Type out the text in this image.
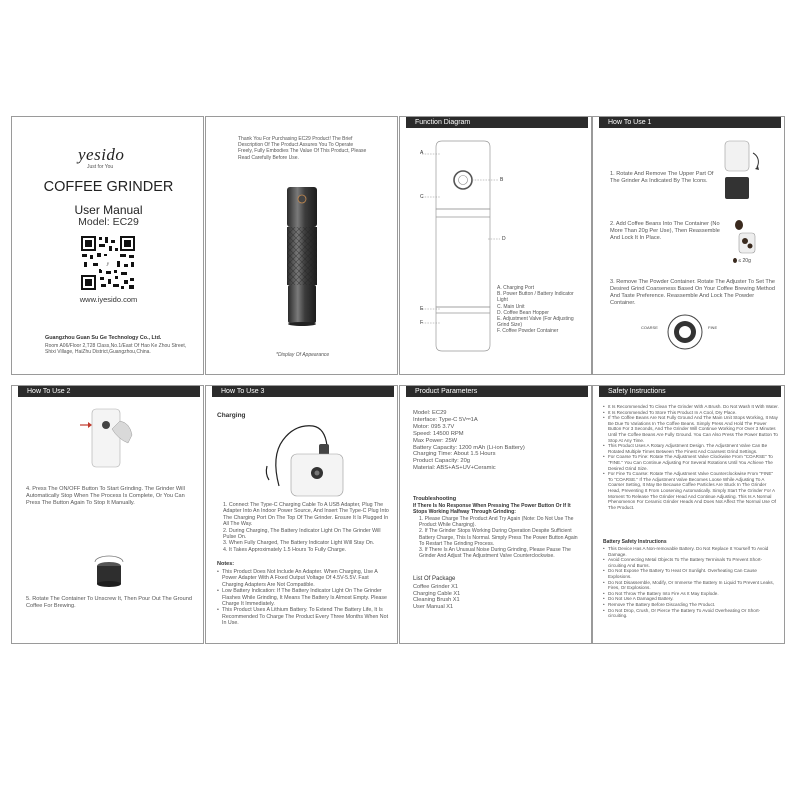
yesido
Just for You
COFFEE GRINDER
User Manual
Model: EC29
y
www.iyesido.com
Guangzhou Guan Su Ge Technology Co., Ltd.
Room A06/Floor 2,T28 Class,No.1/East Of Hao Ke Zhou Street, Shixi Village, HaiZhu District,Guangzhou,China.
Thank You For Purchasing EC29 Product! The Brief Description Of The Product Assures You To Operate Freely, Fully Embodies The Value Of This Product, Please Read Carefully Before Use.
*Display Of Appearance
Function Diagram
A
B
C
D
E
F
A. Charging Port
B. Power Button / Battery Indicator Light
C. Main Unit
D. Coffee Bean Hopper
E. Adjustment Valve (For Adjusting Grind Size)
F. Coffee Powder Container
How To Use 1
1. Rotate And Remove The Upper Part Of The Grinder As Indicated By The Icons.
2. Add Coffee Beans Into The Container (No More Than 20g Per Use), Then Reassemble And Lock It In Place.
≤ 20g
3. Remove The Powder Container. Rotate The Adjuster To Set The Desired Grind Coarseness Based On Your Coffee Brewing Method And Taste Preference. Reassemble And Lock The Powder Container.
COARSE	FINE
How To Use 2
4. Press The ON/OFF Button To Start Grinding. The Grinder Will Automatically Stop When The Process Is Complete, Or You Can Press The Button Again To Stop It Manually.
5. Rotate The Container To Unscrew It, Then Pour Out The Ground Coffee For Brewing.
How To Use 3
Charging
1. Connect The Type-C Charging Cable To A USB Adapter, Plug The Adapter Into An Indoor Power Source, And Insert The Type-C Plug Into The Charging Port On The Top Of The Grinder. Ensure It Is Plugged In All The Way.
2. During Charging, The Battery Indicator Light On The Grinder Will Pulse On.
3. When Fully Charged, The Battery Indicator Light Will Stay On.
4. It Takes Approximately 1.5 Hours To Fully Charge.
Notes:
• This Product Does Not Include An Adapter. When Charging, Use A Power Adapter With A Fixed Output Voltage Of 4.5V-5.5V. Fast Charging Adapters Are Not Compatible.
• Low Battery Indication: If The Battery Indicator Light On The Grinder Flashes While Grinding, It Means The Battery Is Almost Empty. Please Charge It Immediately.
• This Product Uses A Lithium Battery. To Extend The Battery Life, It Is Recommended To Charge The Product Every Three Months When Not In Use.
Product Parameters
Model: EC29
Interface: Type-C 5V⎓1A
Motor: 095 3.7V
Speed: 14500 RPM
Max Power: 25W
Battery Capacity: 1200 mAh (Li-ion Battery)
Charging Time: About 1.5 Hours
Product Capacity: 20g
Material: ABS+AS+UV+Ceramic
Troubleshooting
If There Is No Response When Pressing The Power Button Or If It Stops Working Halfway Through Grinding:
1. Please Charge The Product And Try Again (Note: Do Not Use The Product While Charging).
2. If The Grinder Stops Working During Operation Despite Sufficient Battery Charge, This Is Normal. Simply Press The Power Button Again To Restart The Grinding Process.
3. If There Is An Unusual Noise During Grinding, Please Pause The Grinder And Adjust The Adjustment Valve Counterclockwise.
List Of Package
Coffee Grinder X1
Charging Cable X1
Cleaning Brush X1
User Manual X1
Safety Instructions
• It Is Recommended To Clean The Grinder With A Brush. Do Not Wash It With Water.
• It Is Recommended To Store This Product In A Cool, Dry Place.
• If The Coffee Beans Are Not Fully Ground And The Main Unit Stops Working, It May Be Due To Variations In The Coffee Beans. Simply Press And Hold The Power Button For 3 Seconds, And The Grinder Will Continue Working For Over 3 Minutes Until The Coffee Beans Are Fully Ground. You Can Also Press The Power Button To Stop At Any Time.
• This Product Uses A Rotary Adjustment Design. The Adjustment Valve Can Be Rotated Multiple Times Between The Finest And Coarsest Grind Settings.
• For Coarse To Fine: Rotate The Adjustment Valve Clockwise From "COARSE" To "FINE." You Can Continue Adjusting For Several Rotations Until You Achieve The Desired Grind Size.
• For Fine To Coarse: Rotate The Adjustment Valve Counterclockwise From "FINE" To "COARSE." If The Adjustment Valve Becomes Loose While Adjusting To A Coarser Setting, It May Be Because Coffee Particles Are Stuck In The Grinder Head, Preventing It From Loosening Automatically. Simply Start The Grinder For A Moment To Release The Grinder Head And Continue Adjusting. This Is A Normal Phenomenon For Ceramic Grinder Heads And Does Not Affect The Normal Use Of The Product.
Battery Safety Instructions
• This Device Has A Non-removable Battery. Do Not Replace It Yourself To Avoid Damage.
• Avoid Connecting Metal Objects To The Battery Terminals To Prevent Short-circuiting And Burns.
• Do Not Expose The Battery To Heat Or Sunlight. Overheating Can Cause Explosions.
• Do Not Disassemble, Modify, Or Immerse The Battery In Liquid To Prevent Leaks, Fires, Or Explosions.
• Do Not Throw The Battery Into Fire As It May Explode.
• Do Not Use A Damaged Battery.
• Remove The Battery Before Discarding The Product.
• Do Not Drop, Crush, Or Pierce The Battery To Avoid Overheating Or Short-circuiting.
